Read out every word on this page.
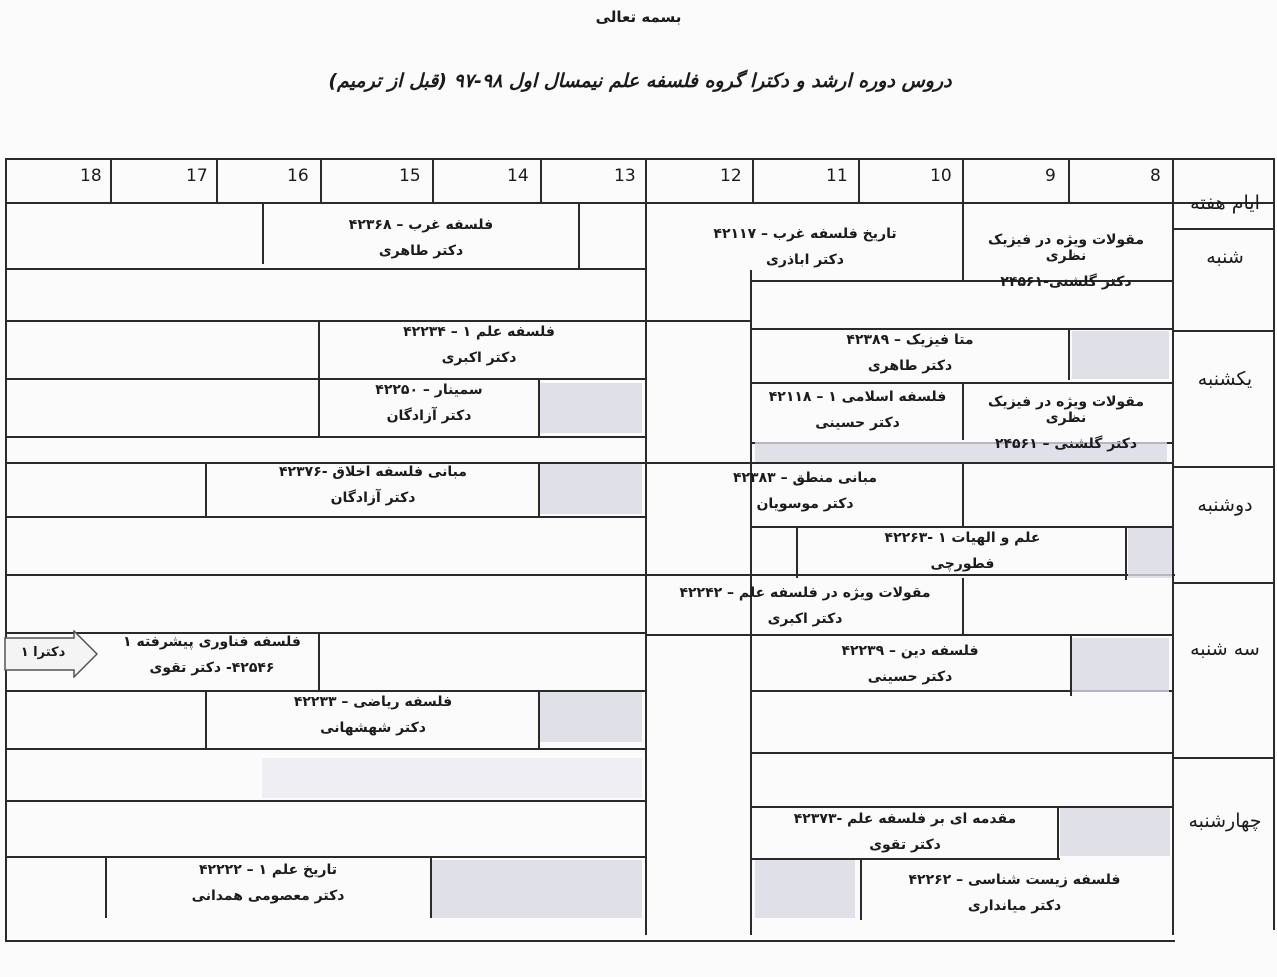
بسمه تعالی
دروس دوره ارشد و دکترا گروه فلسفه علم نیمسال اول ۹۸-۹۷ (قبل از ترمیم)
8
9
10
11
12
13
14
15
16
17
18
ایام هفته
شنبه
یکشنبه
دوشنبه
سه شنبه
چهارشنبه
مقولات ویژه در فیزیک نظری
دکتر گلشنی-۲۴۵۶۱
تاریخ فلسفه غرب – ۴۲۱۱۷
دکتر اباذری
فلسفه غرب – ۴۲۳۶۸
دکتر طاهری
متا فیزیک – ۴۲۳۸۹
دکتر طاهری
فلسفه علم ۱ – ۴۲۲۳۴
دکتر اکبری
مقولات ویژه در فیزیک نظری
دکتر گلشنی – ۲۴۵۶۱
فلسفه اسلامی ۱ – ۴۲۱۱۸
دکتر حسینی
سمینار – ۴۲۲۵۰
دکتر آزادگان
مبانی منطق – ۴۲۳۸۳
دکتر موسویان
مبانی فلسفه اخلاق -۴۲۳۷۶
دکتر آزادگان
علم و الهیات ۱ -۴۲۲۶۳
فطورچی
مقولات ویژه در فلسفه علم – ۴۲۲۴۲
دکتر اکبری
فلسفه دین – ۴۲۲۳۹
دکتر حسینی
فلسفه فناوری پیشرفته ۱
۴۲۵۴۶- دکتر تقوی
فلسفه ریاضی – ۴۲۲۳۳
دکتر شهشهانی
مقدمه ای بر فلسفه علم -۴۲۳۷۳
دکتر تقوی
فلسفه زیست شناسی – ۴۲۲۶۲
دکتر میانداری
تاریخ علم ۱ – ۴۲۲۲۲
دکتر معصومی همدانی
دکترا ۱
